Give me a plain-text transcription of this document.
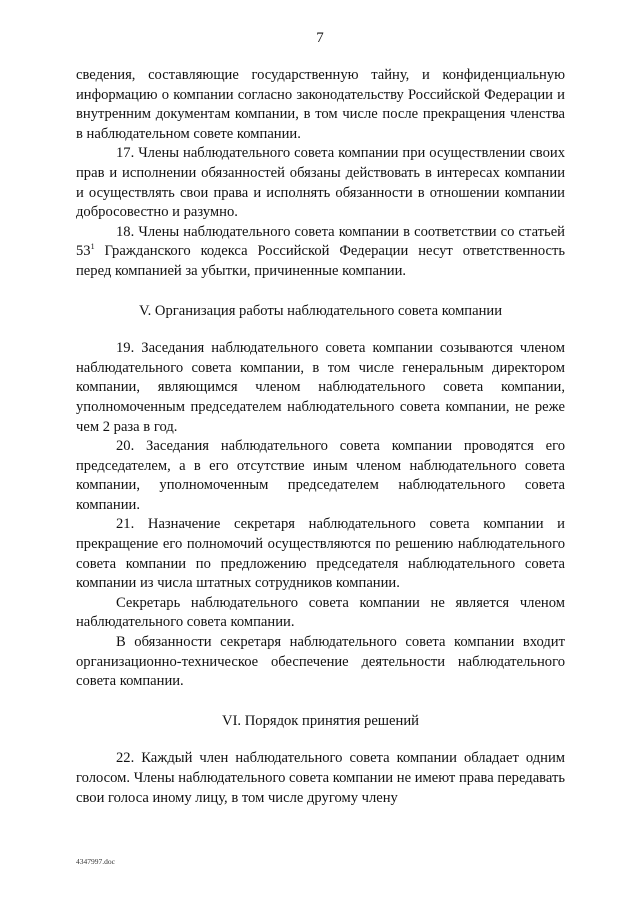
7

сведения, составляющие государственную тайну, и конфиденциальную информацию о компании согласно законодательству Российской Федерации и внутренним документам компании, в том числе после прекращения членства в наблюдательном совете компании.

17. Члены наблюдательного совета компании при осуществлении своих прав и исполнении обязанностей обязаны действовать в интересах компании и осуществлять свои права и исполнять обязанности в отношении компании добросовестно и разумно.

18. Члены наблюдательного совета компании в соответствии со статьей $53^1$ Гражданского кодекса Российской Федерации несут ответственность перед компанией за убытки, причиненные компании.

V. Организация работы наблюдательного совета компании

19. Заседания наблюдательного совета компании созываются членом наблюдательного совета компании, в том числе генеральным директором компании, являющимся членом наблюдательного совета компании, уполномоченным председателем наблюдательного совета компании, не реже чем 2 раза в год.

20. Заседания наблюдательного совета компании проводятся его председателем, а в его отсутствие иным членом наблюдательного совета компании, уполномоченным председателем наблюдательного совета компании.

21. Назначение секретаря наблюдательного совета компании и прекращение его полномочий осуществляются по решению наблюдательного совета компании по предложению председателя наблюдательного совета компании из числа штатных сотрудников компании.

Секретарь наблюдательного совета компании не является членом наблюдательного совета компании.

В обязанности секретаря наблюдательного совета компании входит организационно-техническое обеспечение деятельности наблюдательного совета компании.

VI. Порядок принятия решений

22. Каждый член наблюдательного совета компании обладает одним голосом. Члены наблюдательного совета компании не имеют права передавать свои голоса иному лицу, в том числе другому члену

4347997.doc
